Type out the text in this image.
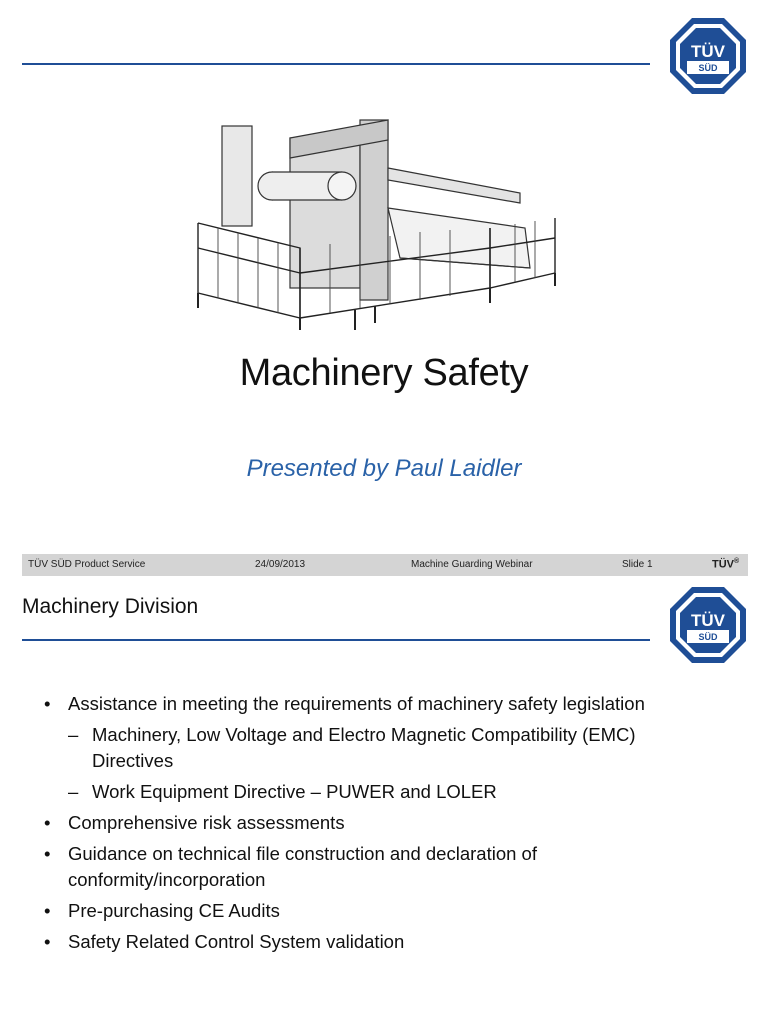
TÜV
SÜD
Machinery Safety
Presented by Paul Laidler
TÜV SÜD Product Service	24/09/2013	Machine Guarding Webinar	Slide 1	TÜV®
Machinery Division
TÜV
SÜD
• Assistance in meeting the requirements of machinery safety legislation
– Machinery, Low Voltage and Electro Magnetic Compatibility (EMC) Directives
– Work Equipment Directive – PUWER and LOLER
• Comprehensive risk assessments
• Guidance on technical file construction and declaration of conformity/incorporation
• Pre-purchasing CE Audits
• Safety Related Control System validation
